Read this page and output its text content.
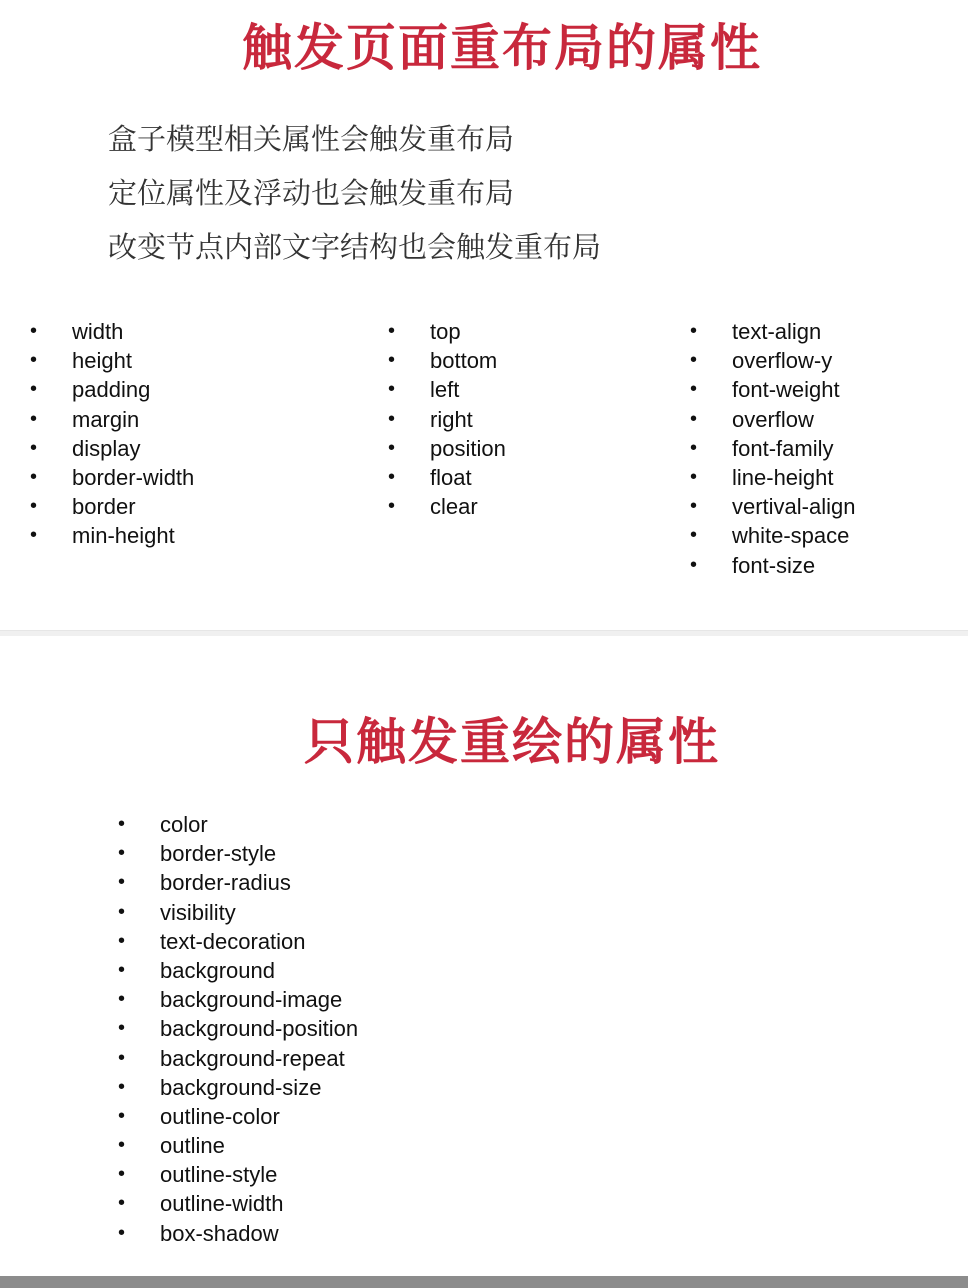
触发页面重布局的属性
盒子模型相关属性会触发重布局
定位属性及浮动也会触发重布局
改变节点内部文字结构也会触发重布局
• width
• height
• padding
• margin
• display
• border-width
• border
• min-height
• top
• bottom
• left
• right
• position
• float
• clear
• text-align
• overflow-y
• font-weight
• overflow
• font-family
• line-height
• vertival-align
• white-space
• font-size
只触发重绘的属性
• color
• border-style
• border-radius
• visibility
• text-decoration
• background
• background-image
• background-position
• background-repeat
• background-size
• outline-color
• outline
• outline-style
• outline-width
• box-shadow
